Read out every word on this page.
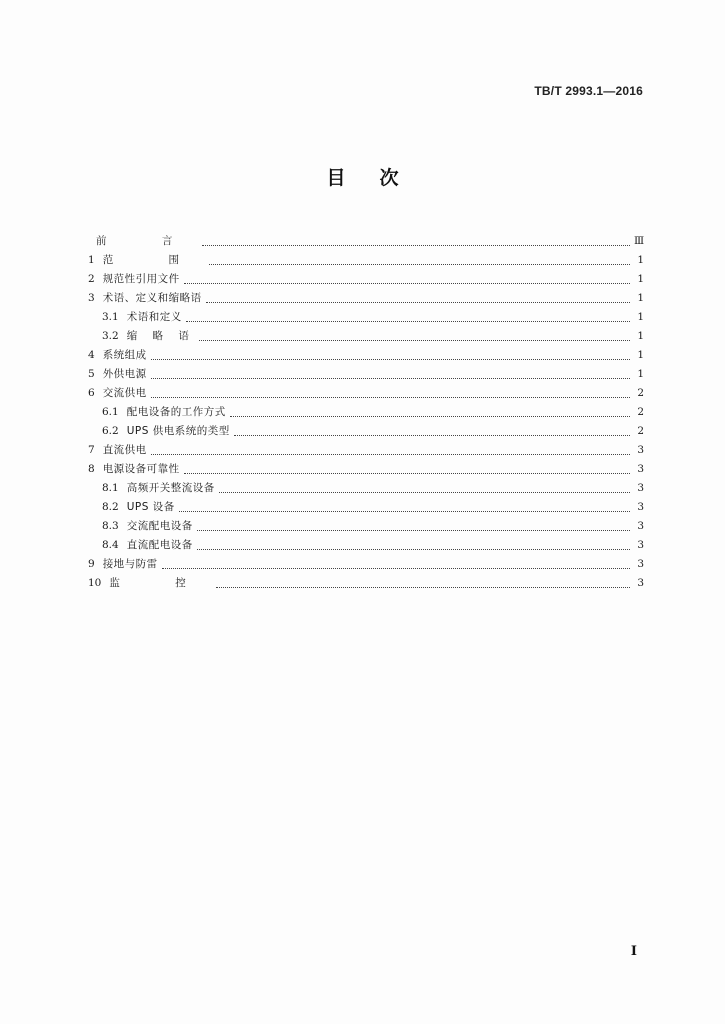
TB/T 2993.1—2016
目次
前 言	Ⅲ
1 范 围	1
2 规范性引用文件	1
3 术语、定义和缩略语	1
3.1 术语和定义	1
3.2 缩 略 语	1
4 系统组成	1
5 外供电源	1
6 交流供电	2
6.1 配电设备的工作方式	2
6.2 UPS 供电系统的类型	2
7 直流供电	3
8 电源设备可靠性	3
8.1 高频开关整流设备	3
8.2 UPS 设备	3
8.3 交流配电设备	3
8.4 直流配电设备	3
9 接地与防雷	3
10 监 控	3
I
